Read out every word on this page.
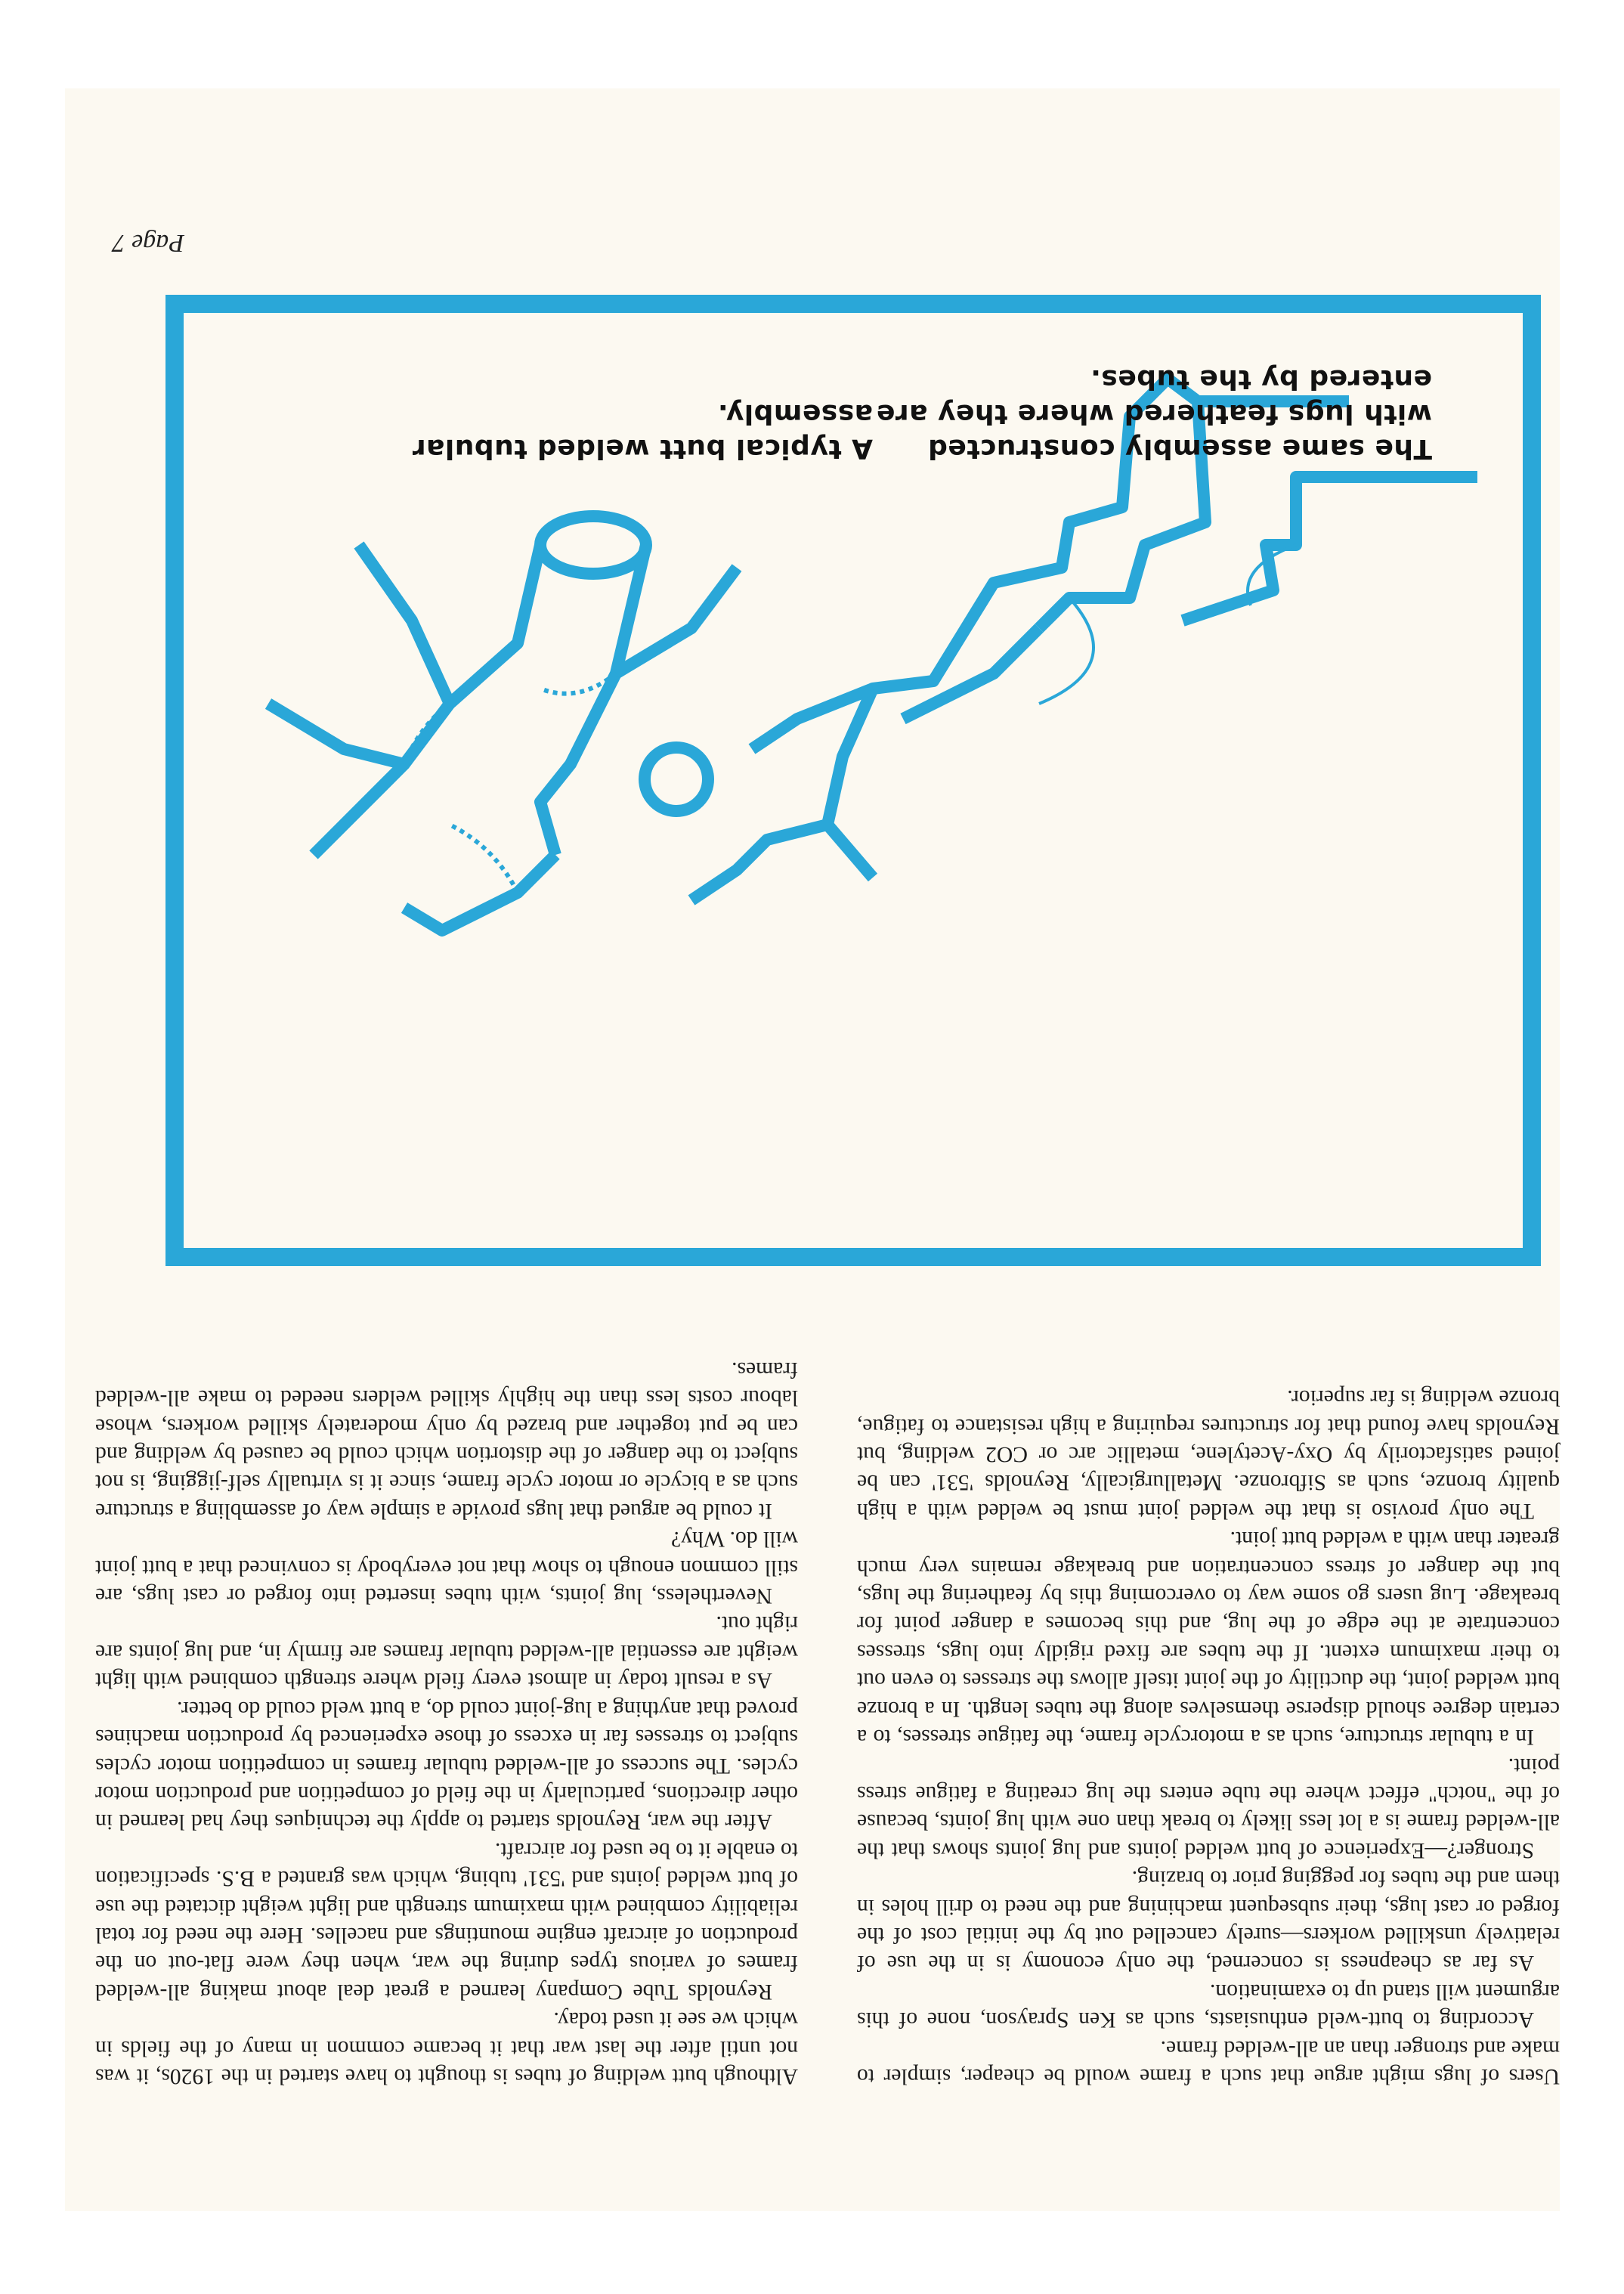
Users of lugs might argue that such a frame would be cheaper, simpler to make and stronger than an all-welded frame.

According to butt-weld enthusiasts, such as Ken Sprayson, none of this argument will stand up to examination.

As far as cheapness is concerned, the only economy is in the use of relatively unskilled workers—surely cancelled out by the initial cost of the forged or cast lugs, their subsequent machining and the need to drill holes in them and the tubes for pegging prior to brazing.

Stronger?—Experience of butt welded joints and lug joints shows that the all-welded frame is a lot less likely to break than one with lug joints, because of the "notch" effect where the tube enters the lug creating a fatigue stress point.

In a tubular structure, such as a motorcycle frame, the fatigue stresses, to a certain degree should disperse themselves along the tubes length. In a bronze butt welded joint, the ductility of the joint itself allows the stresses to even out to their maximum extent. If the tubes are fixed rigidly into lugs, stresses concentrate at the edge of the lug, and this becomes a danger point for breakage. Lug users go some way to overcoming this by feathering the lugs, but the danger of stress concentration and breakage remains very much greater than with a welded butt joint.

The only proviso is that the welded joint must be welded with a high quality bronze, such as Sifbronze. Metallurgically, Reynolds '531' can be joined satisfactorily by Oxy-Acetylene, metallic arc or CO2 welding, but Reynolds have found that for structures requiring a high resistance to fatigue, bronze welding is far superior.

Although butt welding of tubes is thought to have started in the 1920s, it was not until after the last war that it became common in many of the fields in which we see it used today.

Reynolds Tube Company learned a great deal about making all-welded frames of various types during the war, when they were flat-out on the production of aircraft engine mountings and nacelles. Here the need for total reliability combined with maximum strength and light weight dictated the use of butt welded joints and '531' tubing, which was granted a B.S. specification to enable it to be used for aircraft.

After the war, Reynolds started to apply the techniques they had learned in other directions, particularly in the field of competition and production motor cycles. The success of all-welded tubular frames in competition motor cycles subject to stresses far in excess of those experienced by production machines proved that anything a lug-joint could do, a butt weld could do better.

As a result today in almost every field where strength combined with light weight are essential all-welded tubular frames are firmly in, and lug joints are right out.

Nevertheless, lug joints, with tubes inserted into forged or cast lugs, are still common enough to show that not everybody is convinced that a butt joint will do. Why?

It could be argued that lugs provide a simple way of assembling a structure such as a bicycle or motor cycle frame, since it is virtually self-jigging, is not subject to the danger of the distortion which could be caused by welding and can be put together and brazed by only moderately skilled workers, whose labour costs less than the highly skilled welders needed to make all-welded frames.

The same assembly constructed with lugs feathered where they are entered by the tubes.
A typical butt welded tubular assembly.
Page 7
